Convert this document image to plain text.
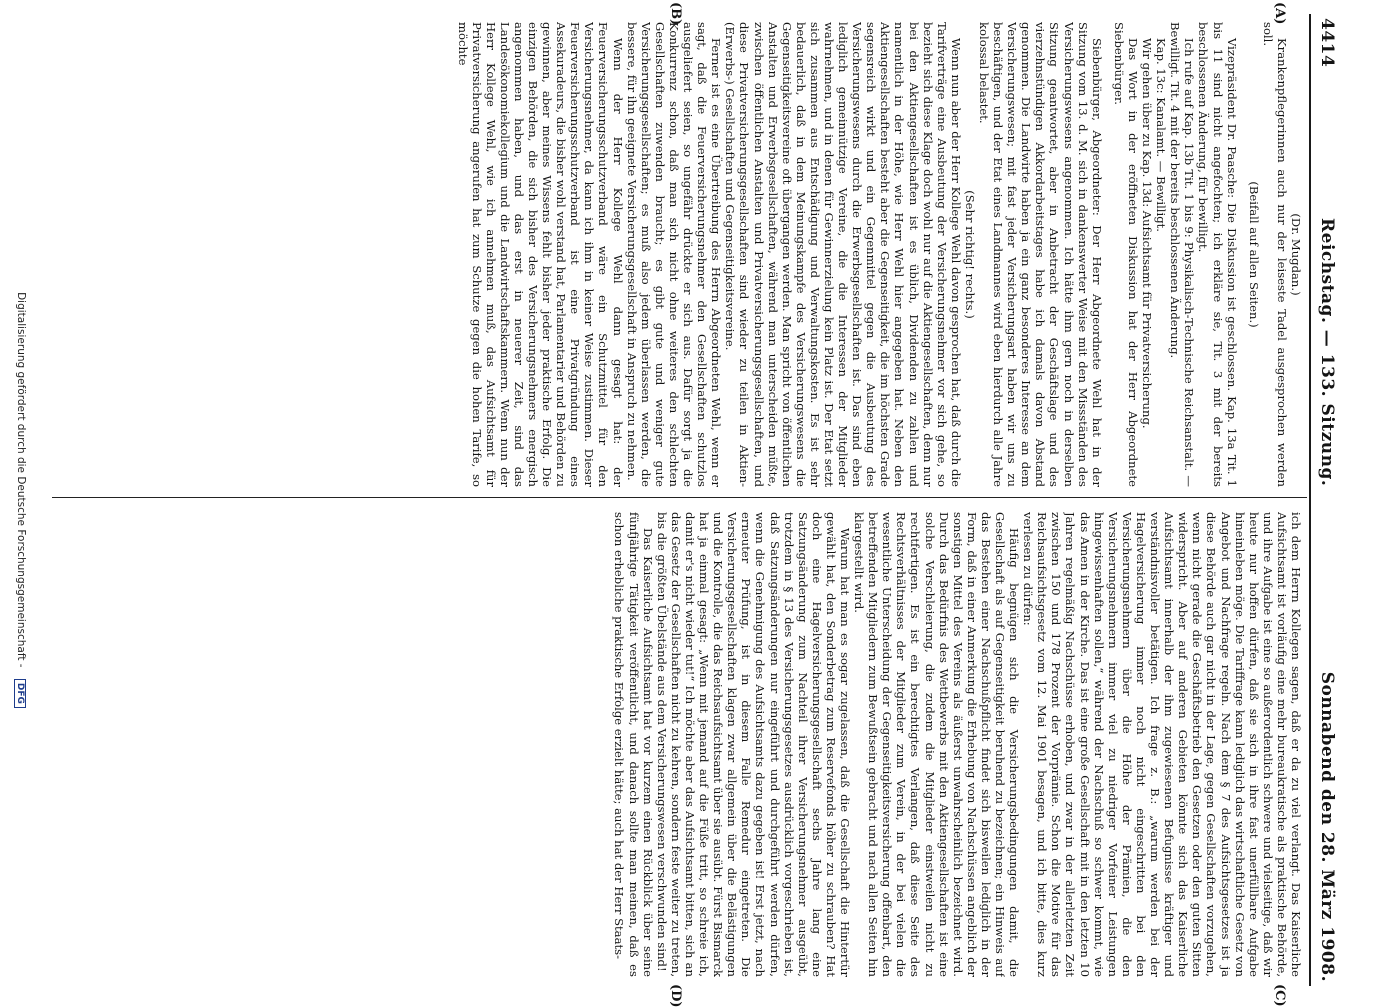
4414
Reichstag. — 133. Sitzung.
Sonnabend den 28. März 1908.
(A)
(B)
(C)
(D)

(Dr. Mugdan.)

Krankenpflegerinnen auch nur der leiseste Tadel ausgesprochen werden soll.

(Beifall auf allen Seiten.)

Vizepräsident Dr. Paasche: Die Diskussion ist geschlossen. Kap. 13a Tit. 1 bis 11 sind nicht angefochten; ich erkläre sie, Tit. 3 mit der bereits beschlossenen Änderung, für bewilligt.

Ich rufe auf Kap. 13b Tit. 1 bis 9: Physikalisch-Technische Reichsanstalt. — Bewilligt. Tit. 4 mit der bereits beschlossenen Änderung.

Kap. 13c: Kanalamt. — Bewilligt.

Wir gehen über zu Kap. 13d: Aufsichtsamt für Privatversicherung.

Das Wort in der eröffneten Diskussion hat der Herr Abgeordnete Siebenbürger.

Siebenbürger, Abgeordneter: Der Herr Abgeordnete Wehl hat in der Sitzung vom 13. d. M. sich in dankenswerter Weise mit den Missständen des Versicherungswesens angenommen. Ich hätte ihm gern noch in derselben Sitzung geantwortet, aber in Anbetracht der Geschäftslage und des vierzehnstündigen Akkordarbeitstages habe ich damals davon Abstand genommen. Die Landwirte haben ja ein ganz besonderes Interesse an dem Versicherungswesen; mit fast jeder Versicherungsart haben wir uns zu beschäftigen, und der Etat eines Landmannes wird eben hierdurch alle Jahre kolossal belastet.

(Sehr richtig! rechts.)

Wenn nun aber der Herr Kollege Wehl davon gesprochen hat, daß durch die Tarifverträge eine Ausbeutung der Versicherungsnehmer vor sich gehe, so bezieht sich diese Klage doch wohl nur auf die Aktiengesellschaften, denn nur bei den Aktiengesellschaften ist es üblich, Dividenden zu zahlen und namentlich in der Höhe, wie Herr Wehl hier angegeben hat. Neben den Aktiengesellschaften besteht aber die Gegenseitigkeit, die im höchsten Grade segensreich wirkt und ein Gegenmittel gegen die Ausbeutung des Versicherungswesens durch die Erwerbsgesellschaften ist. Das sind eben lediglich gemeinnützige Vereine, die die Interessen der Mitglieder wahrnehmen, und in denen für Gewinnerzielung kein Platz ist. Der Etat setzt sich zusammen aus Entschädigung und Verwaltungskosten. Es ist sehr bedauerlich, daß in dem Meinungskampfe des Versicherungswesens die Gegenseitigkeitsvereine oft übergangen werden. Man spricht von öffentlichen Anstalten und Erwerbsgesellschaften, während man unterscheiden müßte, zwischen öffentlichen Anstalten und Privatversicherungsgesellschaften, und diese Privatversicherungsgesellschaften sind wieder zu teilen in Aktien- (Erwerbs-) Gesellschaften und Gegenseitigkeitsvereine.

Ferner ist es eine Übertreibung des Herrn Abgeordneten Wehl, wenn er sagt, daß die Feuerversicherungsnehmer den Gesellschaften schutzlos ausgeliefert seien, so ungefähr drückte er sich aus. Dafür sorgt ja die Konkurrenz schon, daß man sich nicht ohne weiteres den schlechten Gesellschaften zuwenden braucht; es gibt gute und weniger gute Versicherungsgesellschaften; es muß also jedem überlassen werden, die bessere, für ihn geeignete Versicherungsgesellschaft in Anspruch zu nehmen.

Wenn der Herr Kollege Wehl dann gesagt hat: der Feuerversicherungsschutzverband wäre ein Schutzmittel für den Versicherungsnehmer, da kann ich ihm in keiner Weise zustimmen. Dieser Feuerversicherungsschutzverband ist eine Privatgründung eines Assekuradeurs, die bisher wohl verstand hat, Parlamentarier und Behörden zu gewinnen, aber meines Wissens fehlt bisher jeder praktische Erfolg. Die einzigen Behörden, die sich bisher des Versicherungsnehmers energisch angenommen haben, und das erst in neuerer Zeit, sind das Landesökonomiekollegium und die Landwirtschaftskammern. Wenn nun der Herr Kollege Wehl, wie ich annehmen muß, das Aufsichtsamt für Privatversicherung angerufen hat zum Schutze gegen die hohen Tarife, so möchte

ich dem Herrn Kollegen sagen, daß er da zu viel verlangt. Das Kaiserliche Aufsichtsamt ist vorläufig eine mehr bureaukratische als praktische Behörde, und ihre Aufgabe ist eine so außerordentlich schwere und vielseitige, daß wir heute nur hoffen dürfen, daß sie sich in ihre fast unerfüllbare Aufgabe hineinleben möge. Die Tariffrage kann lediglich das wirtschaftliche Gesetz von Angebot und Nachfrage regeln. Nach dem § 7 des Aufsichtsgesetzes ist ja diese Behörde auch gar nicht in der Lage, gegen Gesellschaften vorzugehen, wenn nicht gerade die Geschäftsbetrieb den Gesetzen oder den guten Sitten widerspricht. Aber auf anderen Gebieten könnte sich das Kaiserliche Aufsichtsamt innerhalb der ihm zugewiesenen Befugnisse kräftiger und verständnisvoller betätigen. Ich frage z. B.: „warum werden bei der Hagelversicherung immer noch nicht eingeschritten bei den Versicherungsnehmern über die Höhe der Prämien, die den Versicherungsnehmern immer viel zu niedriger Vorfeiner Leistungen hingewissenhaften sollen,“ während der Nachschuß so schwer kommt, wie das Amen in der Kirche. Das ist eine große Gesellschaft mit in den letzten 10 Jahren regelmäßig Nachschüsse erhoben, und zwar in der allerletzten Zeit zwischen 150 und 178 Prozent der Vorprämie. Schon die Motive für das Reichsaufsichtsgesetz vom 12. Mai 1901 besagen, und ich bitte, dies kurz verlesen zu dürfen:

Häufig begnügen sich die Versicherungsbedingungen damit, die Gesellschaft als auf Gegenseitigkeit beruhend zu bezeichnen; ein Hinweis auf das Bestehen einer Nachschußpflicht findet sich bisweilen lediglich in der Form, daß in einer Anmerkung die Erhebung von Nachschüssen angeblich der sonstigen Mittel des Vereins als äußerst unwahrscheinlich bezeichnet wird. Durch das Bedürfnis des Wettbewerbs mit den Aktiengesellschaften ist eine solche Verschleierung, die zudem die Mitglieder einstweilen nicht zu rechtfertigen. Es ist ein berechtigtes Verlangen, daß diese Seite des Rechtsverhältnisses der Mitglieder zum Verein, in der bei vielen die wesentliche Unterscheidung der Gegenseitigkeitsversicherung offenbart, den betreffenden Mitgliedern zum Bewußtsein gebracht und nach allen Seiten hin klargestellt wird.

Warum hat man es sogar zugelassen, daß die Gesellschaft die Hintertür gewählt hat, den Sonderbetrag zum Reservefonds höher zu schrauben? Hat doch eine Hagelversicherungsgesellschaft sechs Jahre lang eine Satzungsänderung zum Nachteil ihrer Versicherungsnehmer ausgeübt, trotzdem in § 13 des Versicherungsgesetzes ausdrücklich vorgeschrieben ist, daß Satzungsänderungen nur eingeführt und durchgeführt werden dürfen, wenn die Genehmigung des Aufsichtsamts dazu gegeben ist! Erst jetzt, nach erneuter Prüfung, ist in diesem Falle Remedur eingetreten. Die Versicherungsgesellschaften klagen zwar allgemein über die Belästigungen und die Kontrolle, die das Reichsaufsichtsamt über sie ausübt. Fürst Bismarck hat ja einmal gesagt: „Wenn mit jemand auf die Füße tritt, so schreie ich, damit er's nicht wieder tut!“ Ich möchte aber das Aufsichtsamt bitten, sich an das Gesetz der Gesellschaften nicht zu kehren, sondern feste weiter zu treten, bis die größten Übelstände aus dem Versicherungswesen verschwunden sind!

Das Kaiserliche Aufsichtsamt hat vor kurzem einen Rückblick über seine fünfjährige Tätigkeit veröffentlicht, und danach sollte man meinen, daß es schon erhebliche praktische Erfolge erzielt hätte; auch hat der Herr Staats-

Digitalisierung gefördert durch die Deutsche Forschungsgemeinschaft - DFG
